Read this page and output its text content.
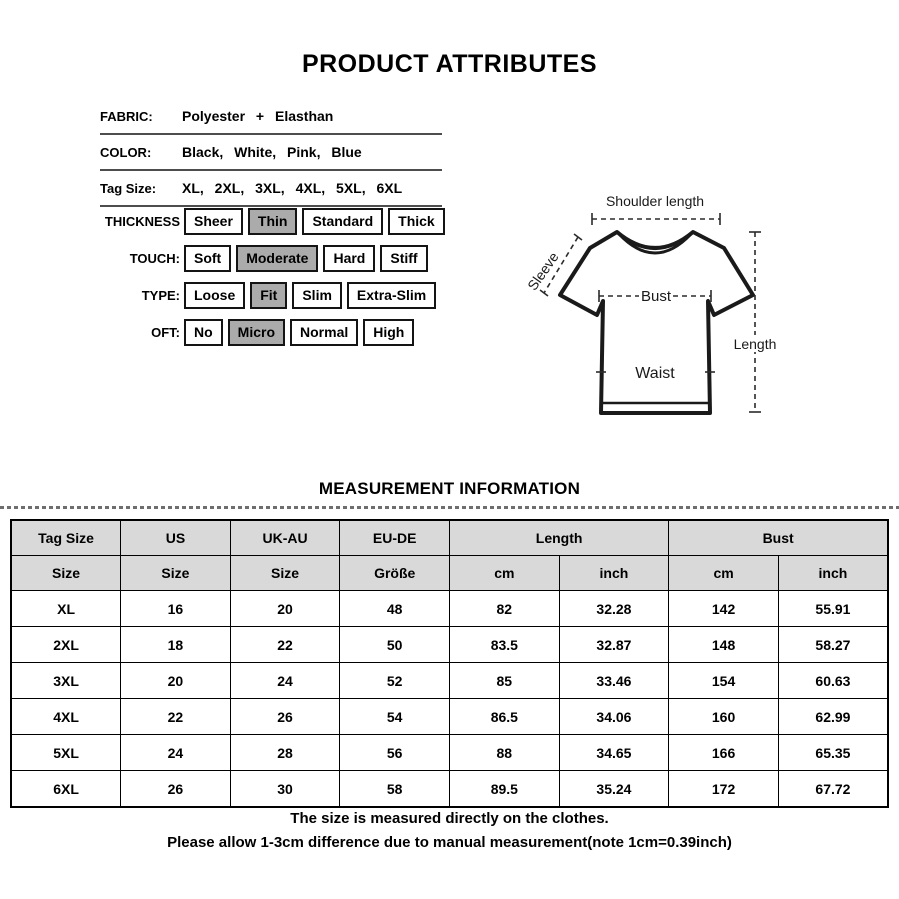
PRODUCT ATTRIBUTES
FABRIC:	Polyester + Elasthan
COLOR:	Black, White, Pink, Blue
Tag Size:	XL, 2XL, 3XL, 4XL, 5XL, 6XL
THICKNESS	Sheer	Thin	Standard	Thick
TOUCH:	Soft	Moderate	Hard	Stiff
TYPE:	Loose	Fit	Slim	Extra-Slim
OFT:	No	Micro	Normal	High
Shoulder length
Sleeve
Bust
Waist
Length
MEASUREMENT INFORMATION
Tag Size	US	UK-AU	EU-DE	Length		Bust	
Size	Size	Size	Größe	cm	inch	cm	inch
XL	16	20	48	82	32.28	142	55.91
2XL	18	22	50	83.5	32.87	148	58.27
3XL	20	24	52	85	33.46	154	60.63
4XL	22	26	54	86.5	34.06	160	62.99
5XL	24	28	56	88	34.65	166	65.35
6XL	26	30	58	89.5	35.24	172	67.72

The size is measured directly on the clothes.

Please allow 1-3cm difference due to manual measurement(note 1cm=0.39inch)
